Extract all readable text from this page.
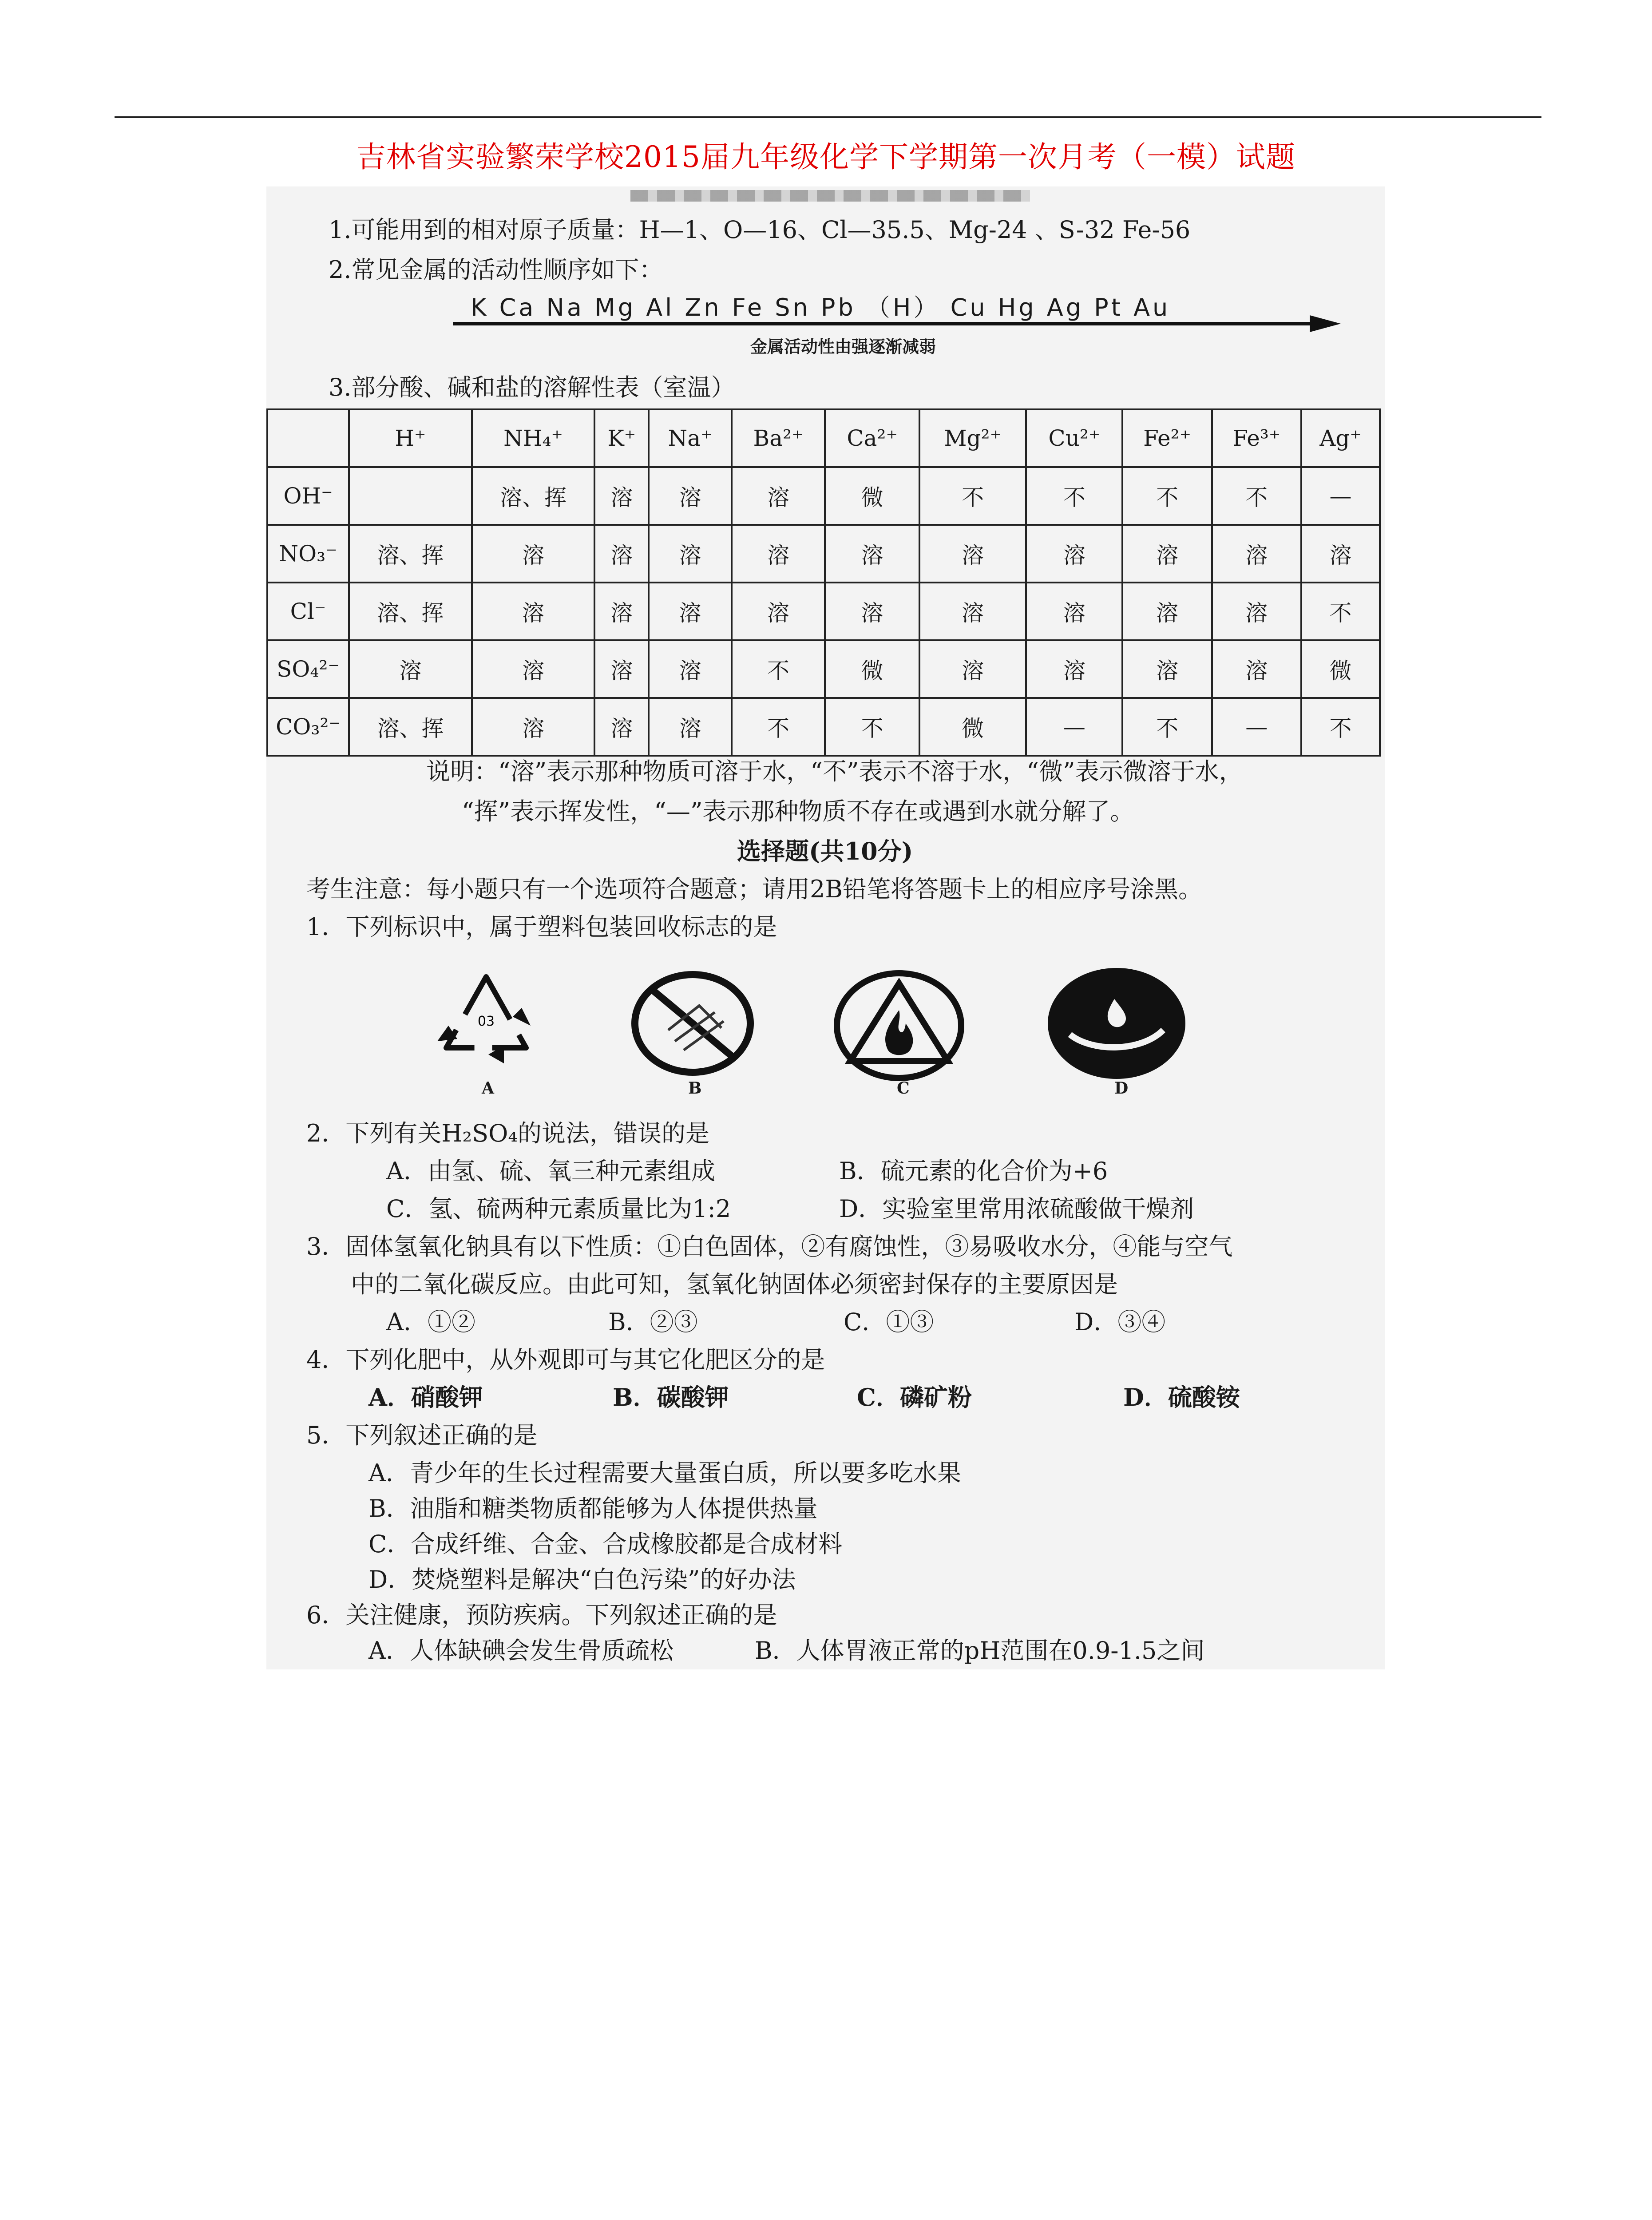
吉林省实验繁荣学校2015届九年级化学下学期第一次月考（一模）试题
1.可能用到的相对原子质量：H—1、O—16、Cl—35.5、Mg-24 、S-32 Fe-56
2.常见金属的活动性顺序如下：
K Ca Na Mg Al Zn Fe Sn Pb （H） Cu Hg Ag Pt Au
金属活动性由强逐渐减弱
3.部分酸、碱和盐的溶解性表（室温）
	H⁺	NH₄⁺	K⁺	Na⁺	Ba²⁺	Ca²⁺	Mg²⁺	Cu²⁺	Fe²⁺	Fe³⁺	Ag⁺
OH⁻		溶、挥	溶	溶	溶	微	不	不	不	不	—
NO₃⁻	溶、挥	溶	溶	溶	溶	溶	溶	溶	溶	溶	溶
Cl⁻	溶、挥	溶	溶	溶	溶	溶	溶	溶	溶	溶	不
SO₄²⁻	溶	溶	溶	溶	不	微	溶	溶	溶	溶	微
CO₃²⁻	溶、挥	溶	溶	溶	不	不	微	—	不	—	不
说明：“溶”表示那种物质可溶于水，“不”表示不溶于水，“微”表示微溶于水，
“挥”表示挥发性，“—”表示那种物质不存在或遇到水就分解了。
选择题(共10分)
考生注意：每小题只有一个选项符合题意；请用2B铅笔将答题卡上的相应序号涂黑。
1．下列标识中，属于塑料包装回收标志的是
03
A	B	C	D
2．下列有关H₂SO₄的说法，错误的是
A．由氢、硫、氧三种元素组成	B．硫元素的化合价为+6
C．氢、硫两种元素质量比为1:2	D．实验室里常用浓硫酸做干燥剂
3．固体氢氧化钠具有以下性质：①白色固体，②有腐蚀性，③易吸收水分，④能与空气
中的二氧化碳反应。由此可知，氢氧化钠固体必须密封保存的主要原因是
A．①②	B．②③	C．①③	D．③④
4．下列化肥中，从外观即可与其它化肥区分的是
A．硝酸钾	B．碳酸钾	C．磷矿粉	D．硫酸铵
5．下列叙述正确的是
A．青少年的生长过程需要大量蛋白质，所以要多吃水果
B．油脂和糖类物质都能够为人体提供热量
C．合成纤维、合金、合成橡胶都是合成材料
D．焚烧塑料是解决“白色污染”的好办法
6．关注健康，预防疾病。下列叙述正确的是
A．人体缺碘会发生骨质疏松	B．人体胃液正常的pH范围在0.9-1.5之间
